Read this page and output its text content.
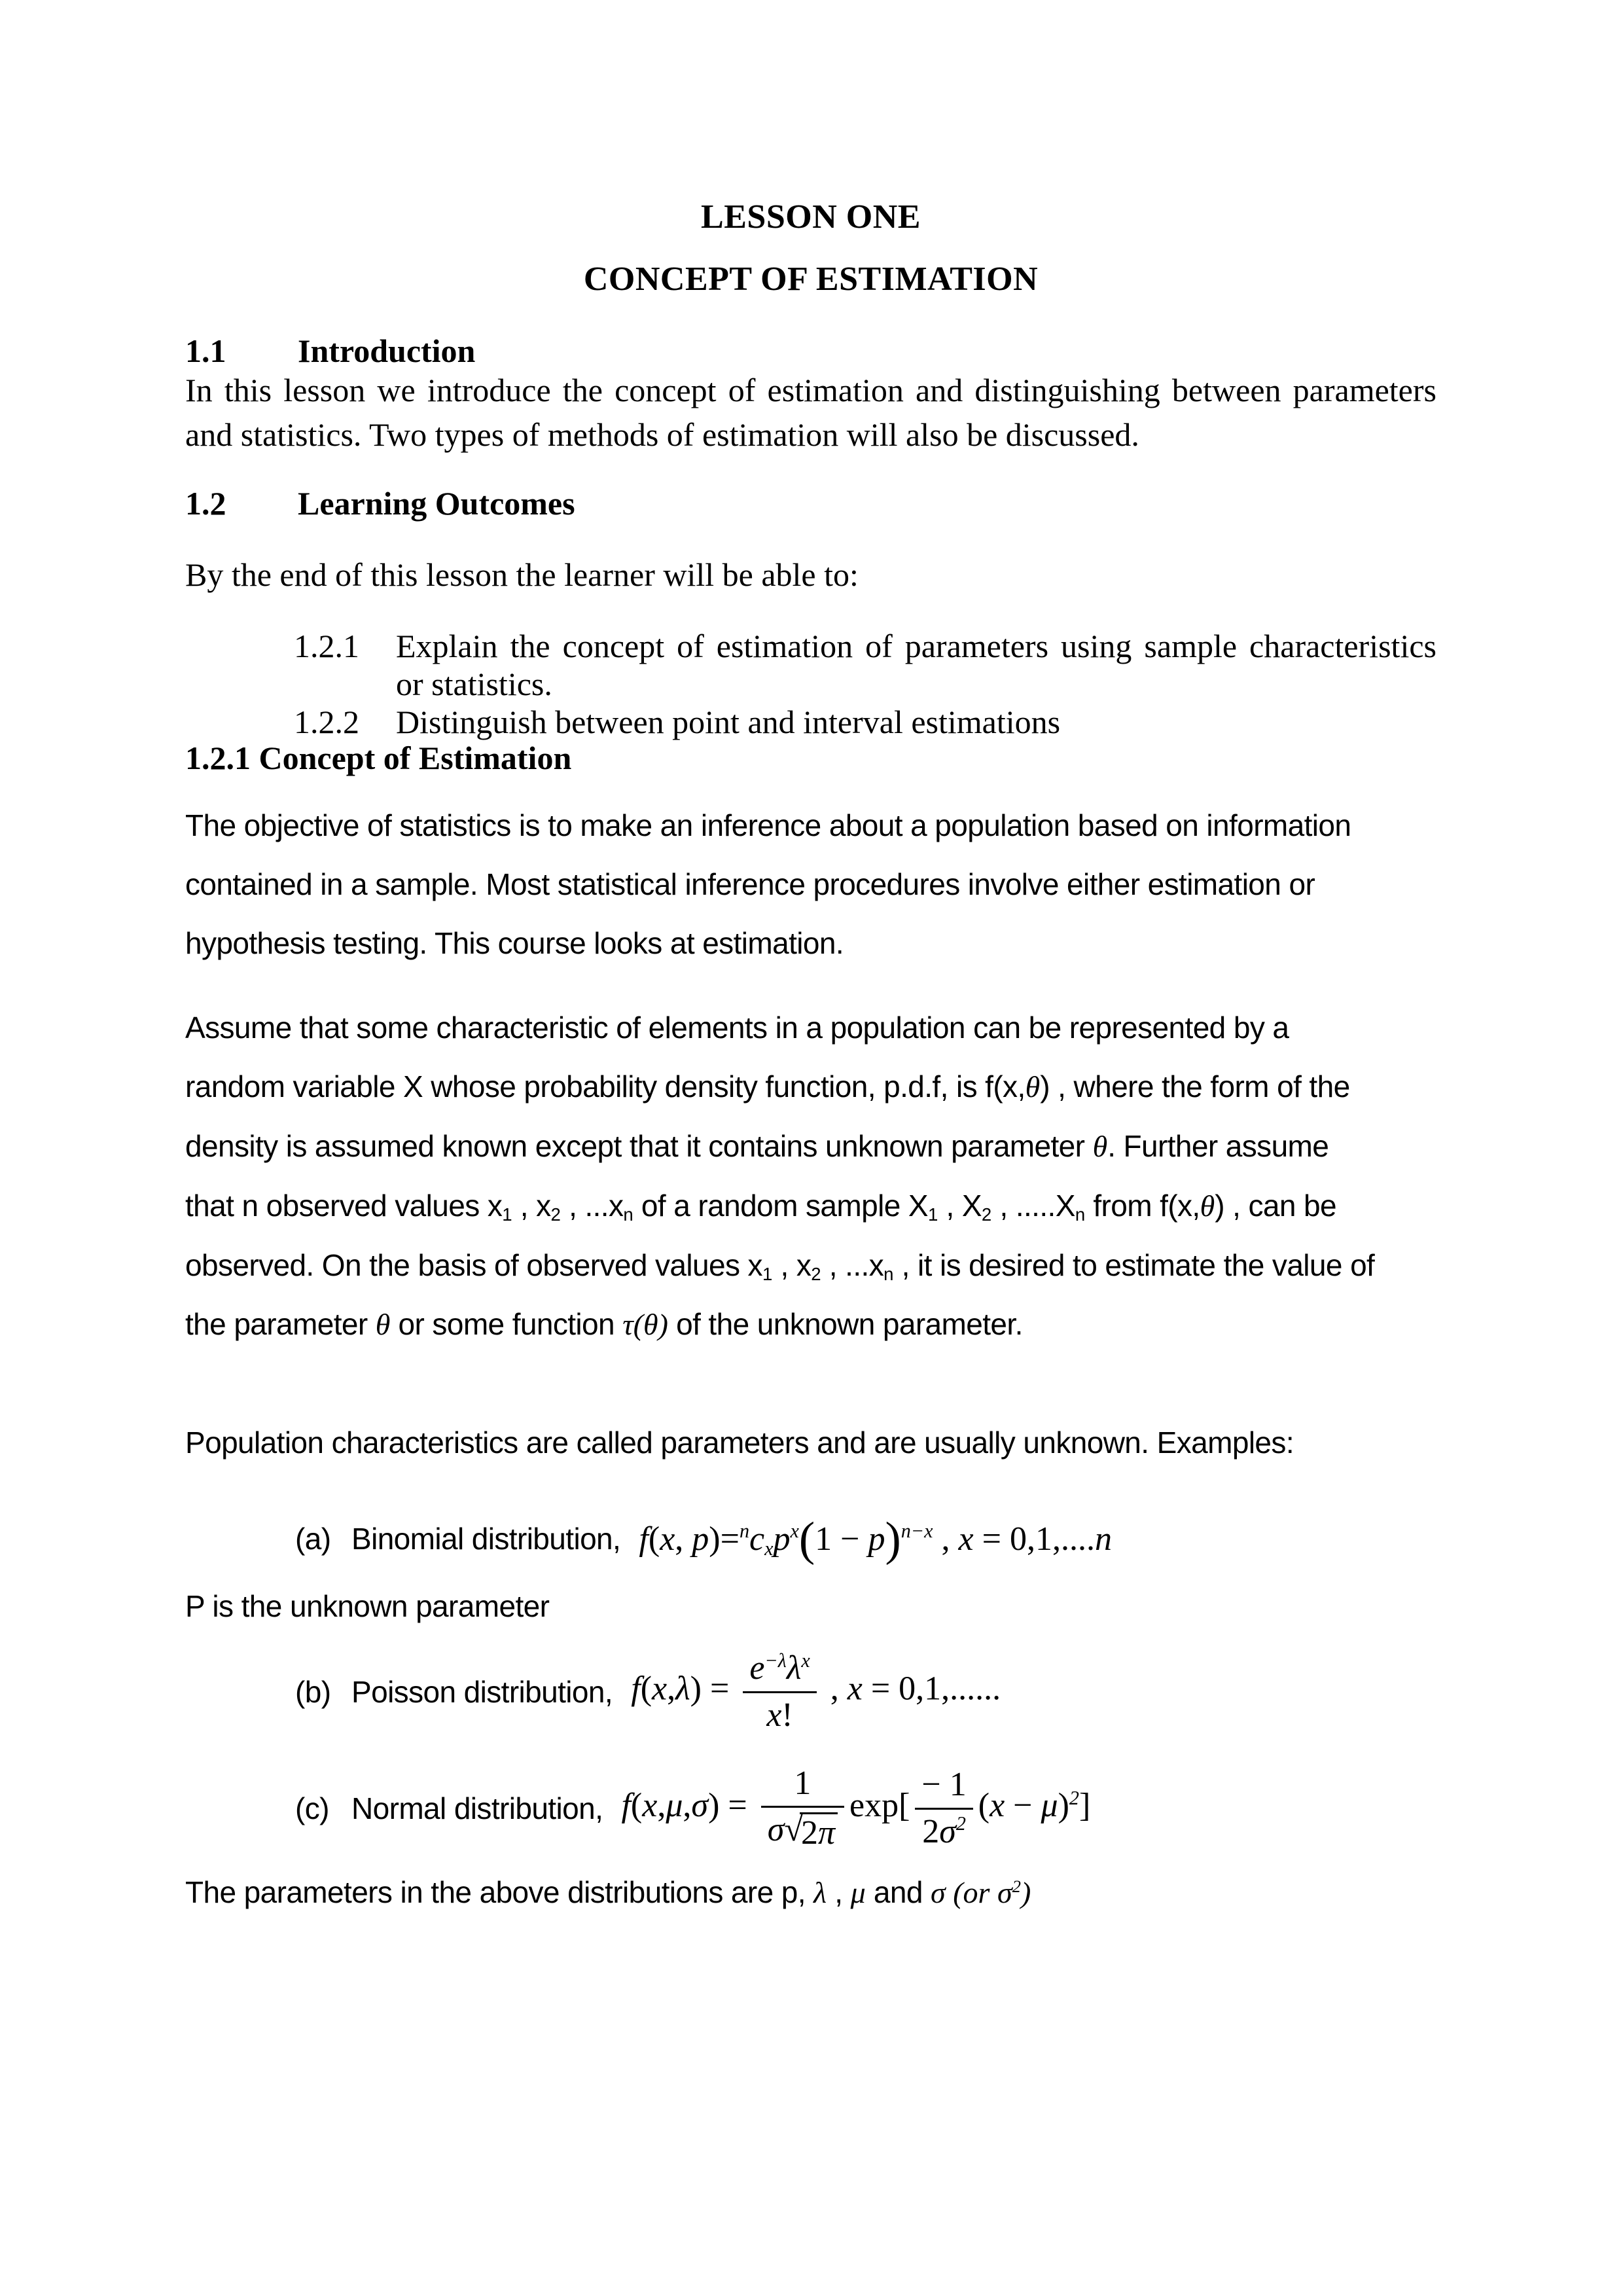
LESSON ONE
CONCEPT OF ESTIMATION
1.1	Introduction
In this lesson we introduce the concept of estimation and distinguishing between parameters
and statistics. Two types of methods of estimation will also be discussed.
1.2	Learning Outcomes
By the end of this lesson the learner will be able to:
1.2.1	Explain the concept of estimation of parameters using sample characteristics
or statistics.
1.2.2	Distinguish between point and interval estimations
1.2.1 Concept of Estimation
The objective of statistics is to make an inference about a population based on information
contained in a sample. Most statistical inference procedures involve either estimation or
hypothesis testing. This course looks at estimation.
Assume that some characteristic of elements in a population can be represented by a
random variable X whose probability density function, p.d.f, is f(x,θ) , where the form of the
density is assumed known except that it contains unknown parameter θ. Further assume
that n observed values x1 , x2 , ...xn of a random sample X1 , X2 , .....Xn from f(x,θ) , can be
observed. On the basis of observed values x1 , x2 , ...xn , it is desired to estimate the value of
the parameter θ or some function τ(θ) of the unknown parameter.
Population characteristics are called parameters and are usually unknown. Examples:
(a) Binomial distribution, f(x, $p)=^ncxp^x(1 - p)^{n-x}$ , x = 0,1,....n
P is the unknown parameter
(b) Poisson distribution, $f(x,\lambda) = \frac{e^{-\lambda}\lambda^x}{x!}$ , x = 0,1,......
(c) Normal distribution, f(x,μ,σ) = 1
σ √
2π $\exp[ \frac{- 1}{2\sigma^2} (x - \mu)^2]$
The parameters in the above distributions are p, λ , μ and σ (or $\sigma^2$)
